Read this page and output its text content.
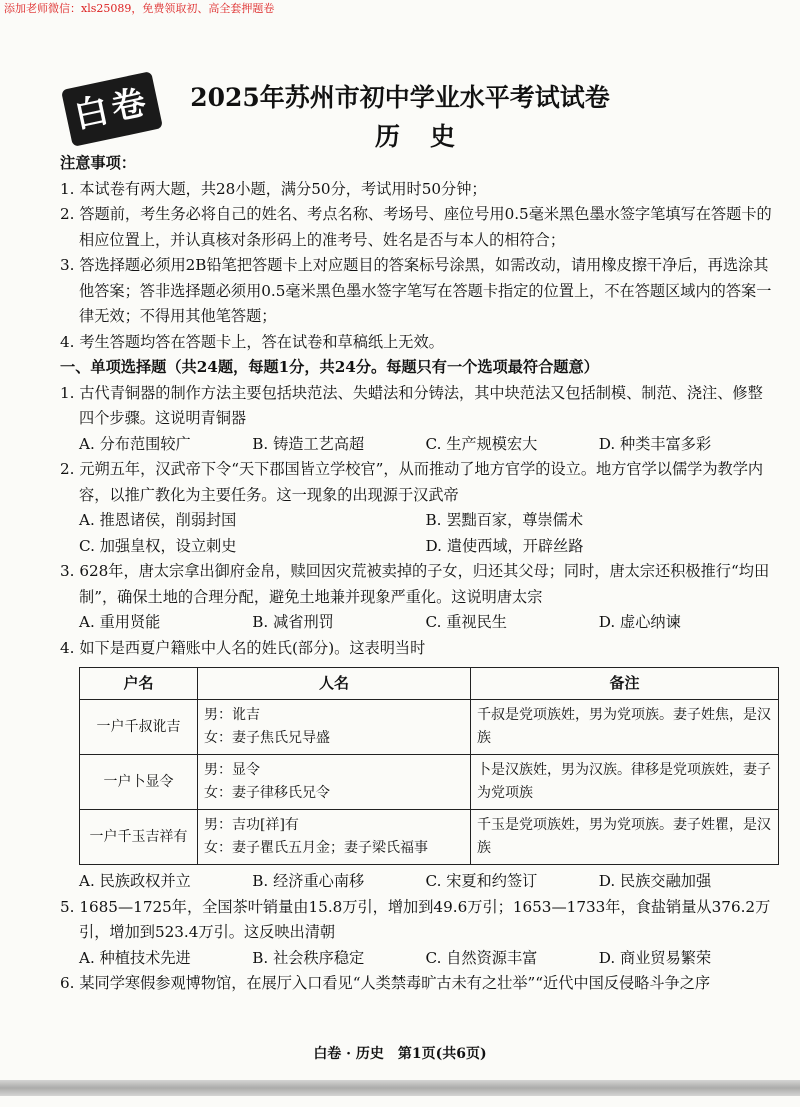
添加老师微信：xls25089，免费领取初、高全套押题卷
白卷	2025年苏州市初中学业水平考试试卷
历史

注意事项：

1. 本试卷有两大题，共28小题，满分50分，考试用时50分钟；

2. 答题前，考生务必将自己的姓名、考点名称、考场号、座位号用0.5毫米黑色墨水签字笔填写在答题卡的相应位置上，并认真核对条形码上的准考号、姓名是否与本人的相符合；

3. 答选择题必须用2B铅笔把答题卡上对应题目的答案标号涂黑，如需改动，请用橡皮擦干净后，再选涂其他答案；答非选择题必须用0.5毫米黑色墨水签字笔写在答题卡指定的位置上，不在答题区域内的答案一律无效；不得用其他笔答题；

4. 考生答题均答在答题卡上，答在试卷和草稿纸上无效。

一、单项选择题（共24题，每题1分，共24分。每题只有一个选项最符合题意）

1. 古代青铜器的制作方法主要包括块范法、失蜡法和分铸法，其中块范法又包括制模、制范、浇注、修整四个步骤。这说明青铜器

A. 分布范围较广	B. 铸造工艺高超	C. 生产规模宏大	D. 种类丰富多彩

2. 元朔五年，汉武帝下令“天下郡国皆立学校官”，从而推动了地方官学的设立。地方官学以儒学为教学内容，以推广教化为主要任务。这一现象的出现源于汉武帝

A. 推恩诸侯，削弱封国	B. 罢黜百家，尊崇儒术
C. 加强皇权，设立刺史	D. 遣使西域，开辟丝路

3. 628年，唐太宗拿出御府金帛，赎回因灾荒被卖掉的子女，归还其父母；同时，唐太宗还积极推行“均田制”，确保土地的合理分配，避免土地兼并现象严重化。这说明唐太宗

A. 重用贤能	B. 减省刑罚	C. 重视民生	D. 虚心纳谏

4. 如下是西夏户籍账中人名的姓氏(部分)。这表明当时

户名	人名	备注
一户千叔讹吉	男：讹吉
女：妻子焦氏兄导盛	千叔是党项族姓，男为党项族。妻子姓焦，是汉族
一户卜显令	男：显令
女：妻子律移氏兄令	卜是汉族姓，男为汉族。律移是党项族姓，妻子为党项族
一户千玉吉祥有	男：吉功[祥]有
女：妻子瞿氏五月金；妻子梁氏福事	千玉是党项族姓，男为党项族。妻子姓瞿，是汉族
A. 民族政权并立	B. 经济重心南移	C. 宋夏和约签订	D. 民族交融加强

5. 1685—1725年，全国茶叶销量由15.8万引，增加到49.6万引；1653—1733年，食盐销量从376.2万引，增加到523.4万引。这反映出清朝

A. 种植技术先进	B. 社会秩序稳定	C. 自然资源丰富	D. 商业贸易繁荣

6. 某同学寒假参观博物馆，在展厅入口看见“人类禁毒旷古未有之壮举”“近代中国反侵略斗争之序

白卷 · 历史　第1页(共6页)
